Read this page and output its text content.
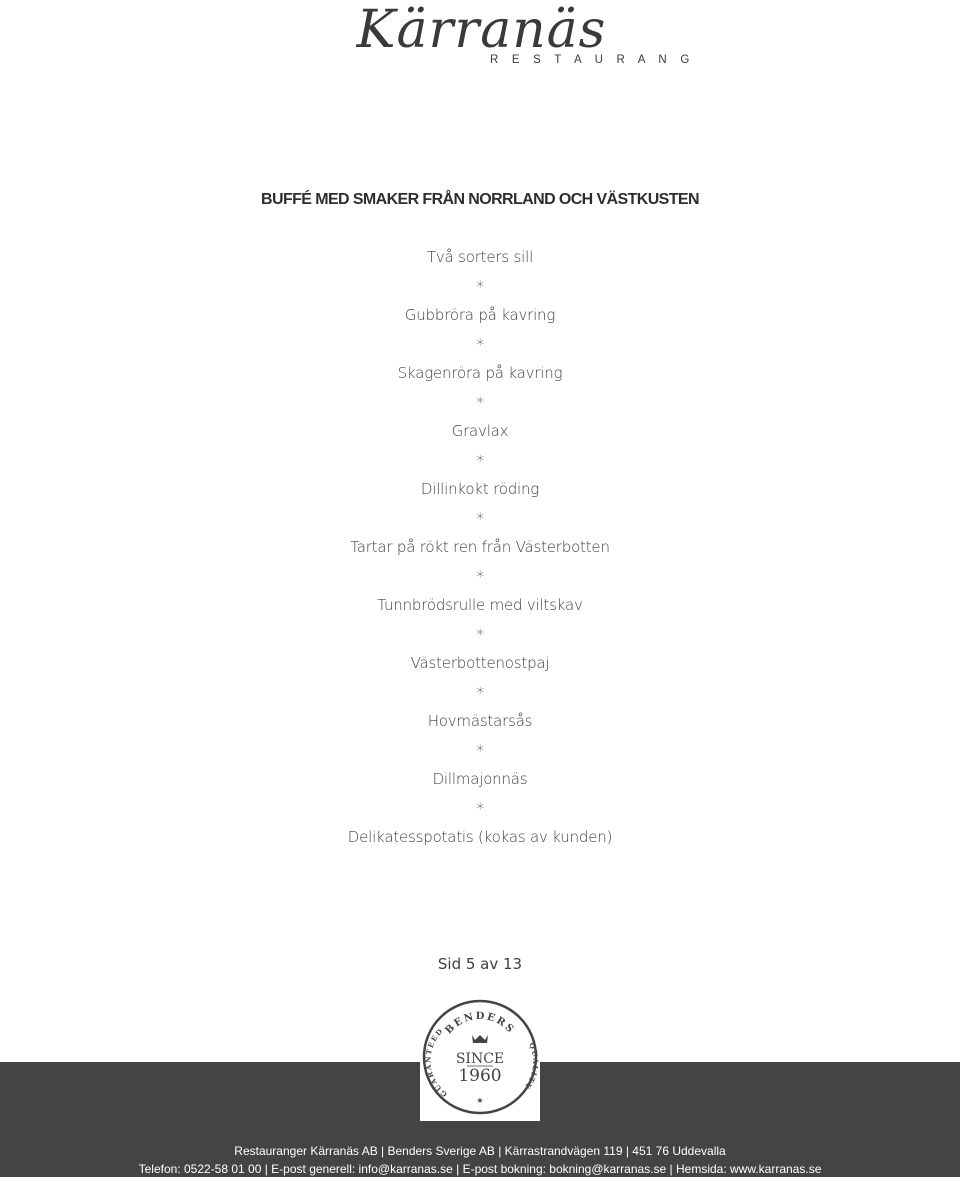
Kärranäs
R E S T A U R A N G
BUFFÉ MED SMAKER FRÅN NORRLAND OCH VÄSTKUSTEN
Två sorters sill
*
Gubbröra på kavring
*
Skagenröra på kavring
*
Gravlax
*
Dillinkokt röding
*
Tartar på rökt ren från Västerbotten
*
Tunnbrödsrulle med viltskav
*
Västerbottenostpaj
*
Hovmästarsås
*
Dillmajonnäs
*
Delikatesspotatis (kokas av kunden)
Sid 5 av 13
Restauranger Kärranäs AB | Benders Sverige AB | Kärrastrandvägen 119 | 451 76 Uddevalla
Telefon: 0522-58 01 00 | E-post generell: info@karranas.se | E-post bokning: bokning@karranas.se | Hemsida: www.karranas.se
BENDERS
GUARANTEED
QUALITY
SINCE
1960
★
